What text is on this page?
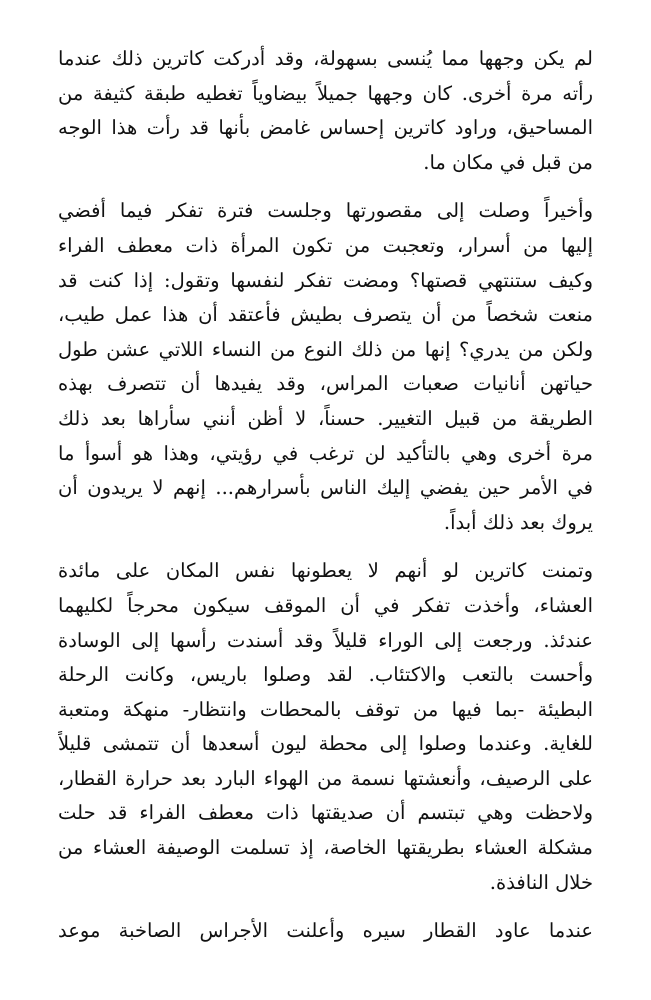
لم يكن وجهها مما يُنسى بسهولة، وقد أدركت كاترين ذلك عندما
رأته مرة أخرى. كان وجهها جميلاً بيضاوياً تغطيه طبقة كثيفة من
المساحيق، وراود كاترين إحساس غامض بأنها قد رأت هذا الوجه
من قبل في مكان ما.

وأخيراً وصلت إلى مقصورتها وجلست فترة تفكر فيما أفضي
إليها من أسرار، وتعجبت من تكون المرأة ذات معطف الفراء
وكيف ستنتهي قصتها؟ ومضت تفكر لنفسها وتقول: إذا كنت قد
منعت شخصاً من أن يتصرف بطيش فأعتقد أن هذا عمل طيب،
ولكن من يدري؟ إنها من ذلك النوع من النساء اللاتي عشن طول
حياتهن أنانيات صعبات المراس، وقد يفيدها أن تتصرف بهذه
الطريقة من قبيل التغيير. حسناً، لا أظن أنني سأراها بعد ذلك
مرة أخرى وهي بالتأكيد لن ترغب في رؤيتي، وهذا هو أسوأ ما
في الأمر حين يفضي إليك الناس بأسرارهم... إنهم لا يريدون أن
يروك بعد ذلك أبداً.

وتمنت كاترين لو أنهم لا يعطونها نفس المكان على مائدة
العشاء، وأخذت تفكر في أن الموقف سيكون محرجاً لكليهما
عندئذ. ورجعت إلى الوراء قليلاً وقد أسندت رأسها إلى الوسادة
وأحست بالتعب والاكتئاب. لقد وصلوا باريس، وكانت الرحلة
البطيئة -بما فيها من توقف بالمحطات وانتظار- منهكة ومتعبة
للغاية. وعندما وصلوا إلى محطة ليون أسعدها أن تتمشى قليلاً
على الرصيف، وأنعشتها نسمة من الهواء البارد بعد حرارة القطار،
ولاحظت وهي تبتسم أن صديقتها ذات معطف الفراء قد حلت
مشكلة العشاء بطريقتها الخاصة، إذ تسلمت الوصيفة العشاء من
خلال النافذة.

عندما عاود القطار سيره وأعلنت الأجراس الصاخبة موعد
